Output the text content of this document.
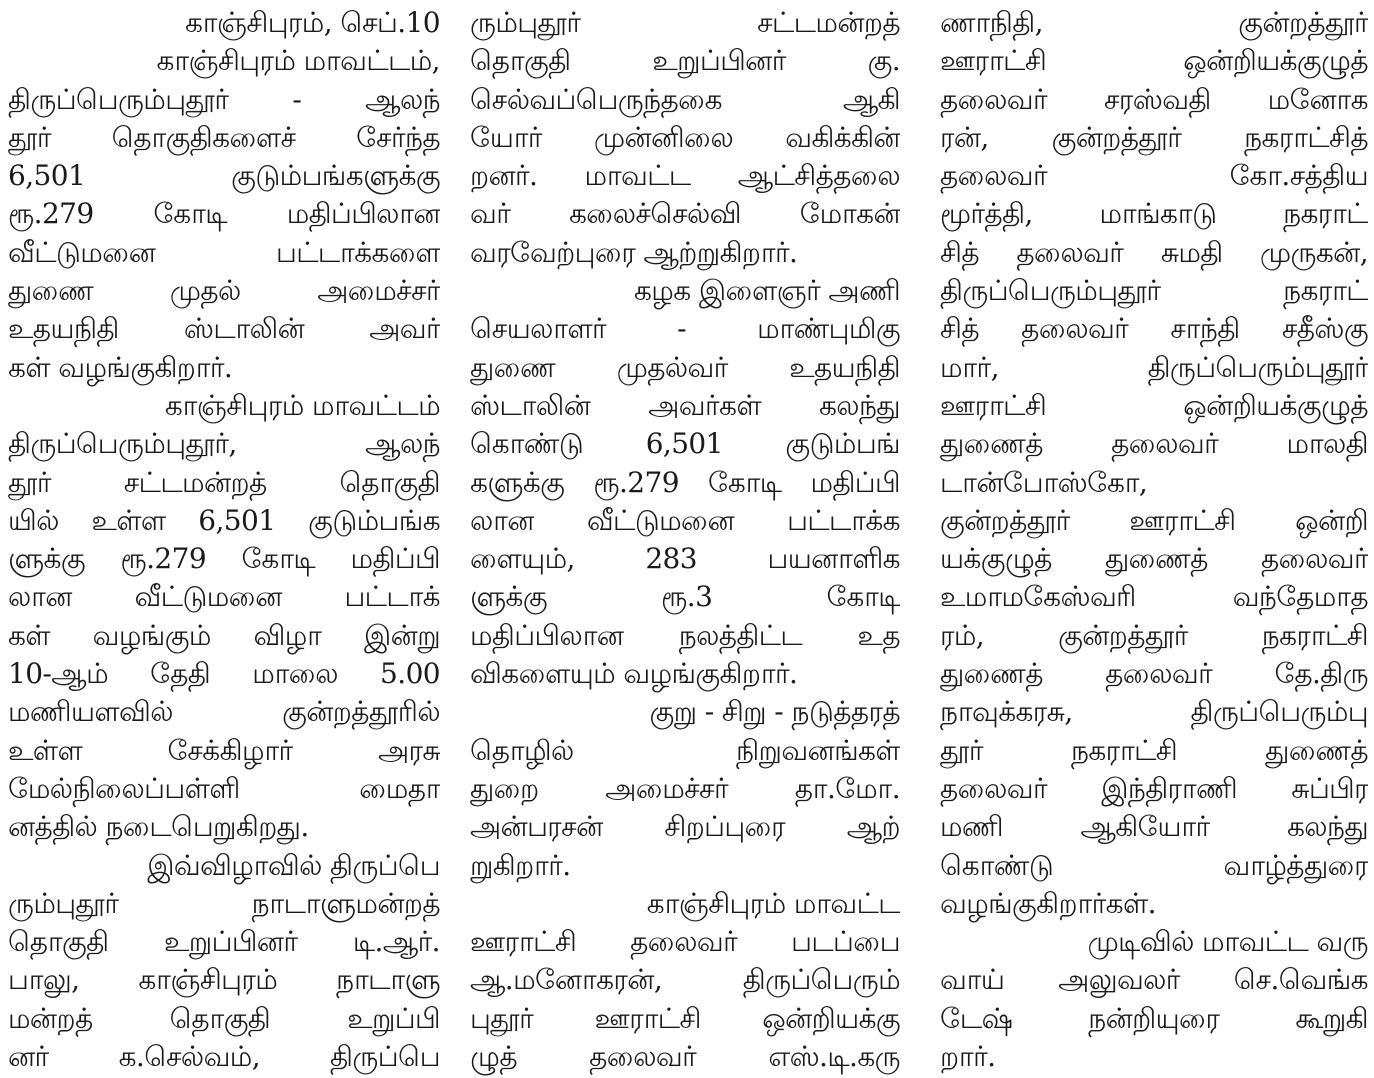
காஞ்சிபுரம், செப்.10
காஞ்சிபுரம் மாவட்டம்,
திருப்பெரும்புதூர் - ஆலந்
தூர் தொகுதிகளைச் சேர்ந்த
6,501 குடும்பங்களுக்கு
ரூ.279 கோடி மதிப்பிலான
வீட்டுமனை பட்டாக்களை
துணை முதல் அமைச்சர்
உதயநிதி ஸ்டாலின் அவர்
கள் வழங்குகிறார்.
காஞ்சிபுரம் மாவட்டம்
திருப்பெரும்புதூர், ஆலந்
தூர் சட்டமன்றத் தொகுதி
யில் உள்ள 6,501 குடும்பங்க
ளுக்கு ரூ.279 கோடி மதிப்பி
லான வீட்டுமனை பட்டாக்
கள் வழங்கும் விழா இன்று
10-ஆம் தேதி மாலை 5.00
மணியளவில் குன்றத்தூரில்
உள்ள சேக்கிழார் அரசு
மேல்நிலைப்பள்ளி மைதா
னத்தில் நடைபெறுகிறது.
இவ்விழாவில் திருப்பெ
ரும்புதூர் நாடாளுமன்றத்
தொகுதி உறுப்பினர் டி.ஆர்.
பாலு, காஞ்சிபுரம் நாடாளு
மன்றத் தொகுதி உறுப்பி
னர் க.செல்வம், திருப்பெ
ரும்புதூர் சட்டமன்றத்
தொகுதி உறுப்பினர் கு.
செல்வப்பெருந்தகை ஆகி
யோர் முன்னிலை வகிக்கின்
றனர். மாவட்ட ஆட்சித்தலை
வர் கலைச்செல்வி மோகன்
வரவேற்புரை ஆற்றுகிறார்.
கழக இளைஞர் அணி
செயலாளர் - மாண்புமிகு
துணை முதல்வர் உதயநிதி
ஸ்டாலின் அவர்கள் கலந்து
கொண்டு 6,501 குடும்பங்
களுக்கு ரூ.279 கோடி மதிப்பி
லான வீட்டுமனை பட்டாக்க
ளையும், 283 பயனாளிக
ளுக்கு ரூ.3 கோடி
மதிப்பிலான நலத்திட்ட உத
விகளையும் வழங்குகிறார்.
குறு - சிறு - நடுத்தரத்
தொழில் நிறுவனங்கள்
துறை அமைச்சர் தா.மோ.
அன்பரசன் சிறப்புரை ஆற்
றுகிறார்.
காஞ்சிபுரம் மாவட்ட
ஊராட்சி தலைவர் படப்பை
ஆ.மனோகரன், திருப்பெரும்
புதூர் ஊராட்சி ஒன்றியக்கு
ழுத் தலைவர் எஸ்.டி.கரு
ணாநிதி, குன்றத்தூர்
ஊராட்சி ஒன்றியக்குழுத்
தலைவர் சரஸ்வதி மனோக
ரன், குன்றத்தூர் நகராட்சித்
தலைவர் கோ.சத்திய
மூர்த்தி, மாங்காடு நகராட்
சித் தலைவர் சுமதி முருகன்,
திருப்பெரும்புதூர் நகராட்
சித் தலைவர் சாந்தி சதீஸ்கு
மார், திருப்பெரும்புதூர்
ஊராட்சி ஒன்றியக்குழுத்
துணைத் தலைவர் மாலதி
டான்போஸ்கோ,
குன்றத்தூர் ஊராட்சி ஒன்றி
யக்குழுத் துணைத் தலைவர்
உமாமகேஸ்வரி வந்தேமாத
ரம், குன்றத்தூர் நகராட்சி
துணைத் தலைவர் தே.திரு
நாவுக்கரசு, திருப்பெரும்பு
தூர் நகராட்சி துணைத்
தலைவர் இந்திராணி சுப்பிர
மணி ஆகியோர் கலந்து
கொண்டு வாழ்த்துரை
வழங்குகிறார்கள்.
முடிவில் மாவட்ட வரு
வாய் அலுவலர் செ.வெங்க
டேஷ் நன்றியுரை கூறுகி
றார்.
